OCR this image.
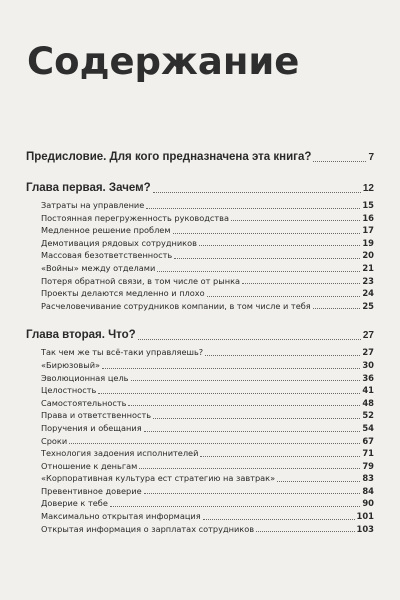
Содержание
Предисловие. Для кого предназначена эта книга?	7
Глава первая. Зачем?	12
Затраты на управление	15
Постоянная перегруженность руководства	16
Медленное решение проблем	17
Демотивация рядовых сотрудников	19
Массовая безответственность	20
«Войны» между отделами	21
Потеря обратной связи, в том числе от рынка	23
Проекты делаются медленно и плохо	24
Расчеловечивание сотрудников компании, в том числе и тебя	25
Глава вторая. Что?	27
Так чем же ты всё-таки управляешь?	27
«Бирюзовый»	30
Эволюционная цель	36
Целостность	41
Самостоятельность	48
Права и ответственность	52
Поручения и обещания	54
Сроки	67
Технология задоения исполнителей	71
Отношение к деньгам	79
«Корпоративная культура ест стратегию на завтрак»	83
Превентивное доверие	84
Доверие к тебе	90
Максимально открытая информация	101
Открытая информация о зарплатах сотрудников	103
